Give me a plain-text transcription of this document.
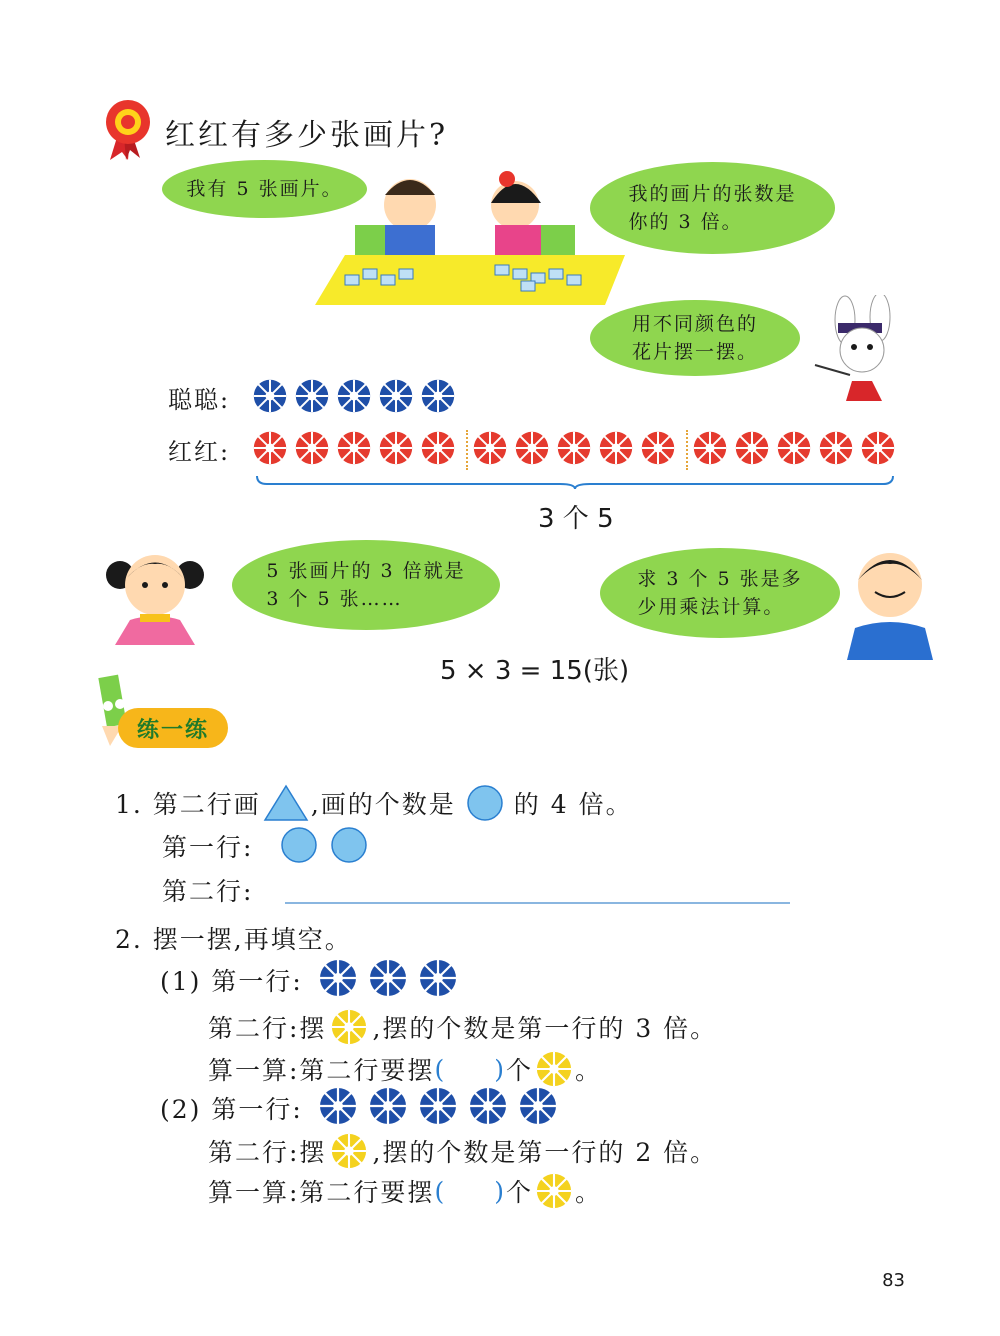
红红有多少张画片?
我有 5 张画片。	我的画片的张数是
你的 3 倍。
用不同颜色的
花片摆一摆。
聪聪:
红红:
3 个 5
5 张画片的 3 倍就是
3 个 5 张……
求 3 个 5 张是多
少用乘法计算。
5 × 3 = 15(张)
练一练
1. 第二行画 ,画的个数是 的 4 倍。
第一行:
第二行:
2. 摆一摆,再填空。
(1) 第一行:
第二行:摆 ,摆的个数是第一行的 3 倍。
算一算:第二行要摆 ( ) 个 。
(2) 第一行:
第二行:摆 ,摆的个数是第一行的 2 倍。
算一算:第二行要摆 ( ) 个 。
83
